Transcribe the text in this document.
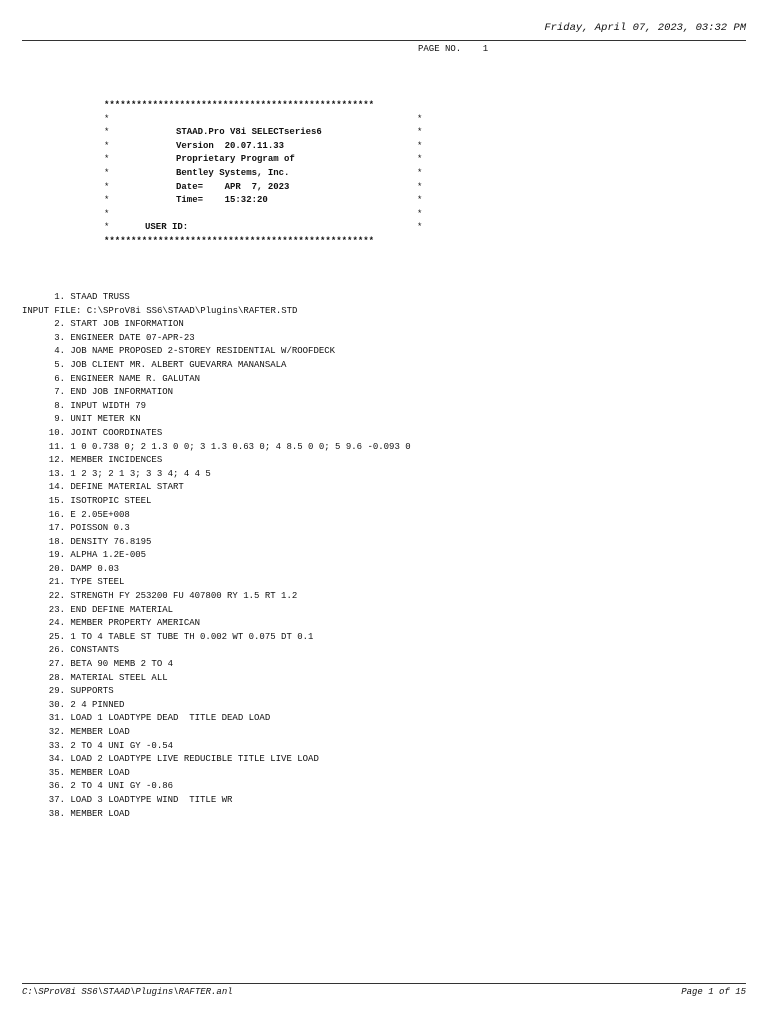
Friday, April 07, 2023, 03:32 PM
PAGE NO.    1
**************************************************
*	*
*	STAAD.Pro V8i SELECTseries6	*
*	Version  20.07.11.33	*
*	Proprietary Program of	*
*	Bentley Systems, Inc.	*
*	Date=    APR  7, 2023	*
*	Time=    15:32:20	*
*	*
*	USER ID:	*
**************************************************
1. STAAD TRUSS
INPUT FILE: C:\SProV8i SS6\STAAD\Plugins\RAFTER.STD
2. START JOB INFORMATION
3. ENGINEER DATE 07-APR-23
4. JOB NAME PROPOSED 2-STOREY RESIDENTIAL W/ROOFDECK
5. JOB CLIENT MR. ALBERT GUEVARRA MANANSALA
6. ENGINEER NAME R. GALUTAN
7. END JOB INFORMATION
8. INPUT WIDTH 79
9. UNIT METER KN
10. JOINT COORDINATES
11. 1 0 0.738 0; 2 1.3 0 0; 3 1.3 0.63 0; 4 8.5 0 0; 5 9.6 -0.093 0
12. MEMBER INCIDENCES
13. 1 2 3; 2 1 3; 3 3 4; 4 4 5
14. DEFINE MATERIAL START
15. ISOTROPIC STEEL
16. E 2.05E+008
17. POISSON 0.3
18. DENSITY 76.8195
19. ALPHA 1.2E-005
20. DAMP 0.03
21. TYPE STEEL
22. STRENGTH FY 253200 FU 407800 RY 1.5 RT 1.2
23. END DEFINE MATERIAL
24. MEMBER PROPERTY AMERICAN
25. 1 TO 4 TABLE ST TUBE TH 0.002 WT 0.075 DT 0.1
26. CONSTANTS
27. BETA 90 MEMB 2 TO 4
28. MATERIAL STEEL ALL
29. SUPPORTS
30. 2 4 PINNED
31. LOAD 1 LOADTYPE DEAD  TITLE DEAD LOAD
32. MEMBER LOAD
33. 2 TO 4 UNI GY -0.54
34. LOAD 2 LOADTYPE LIVE REDUCIBLE TITLE LIVE LOAD
35. MEMBER LOAD
36. 2 TO 4 UNI GY -0.86
37. LOAD 3 LOADTYPE WIND  TITLE WR
38. MEMBER LOAD
C:\SProV8i SS6\STAAD\Plugins\RAFTER.anl	Page 1 of 15
